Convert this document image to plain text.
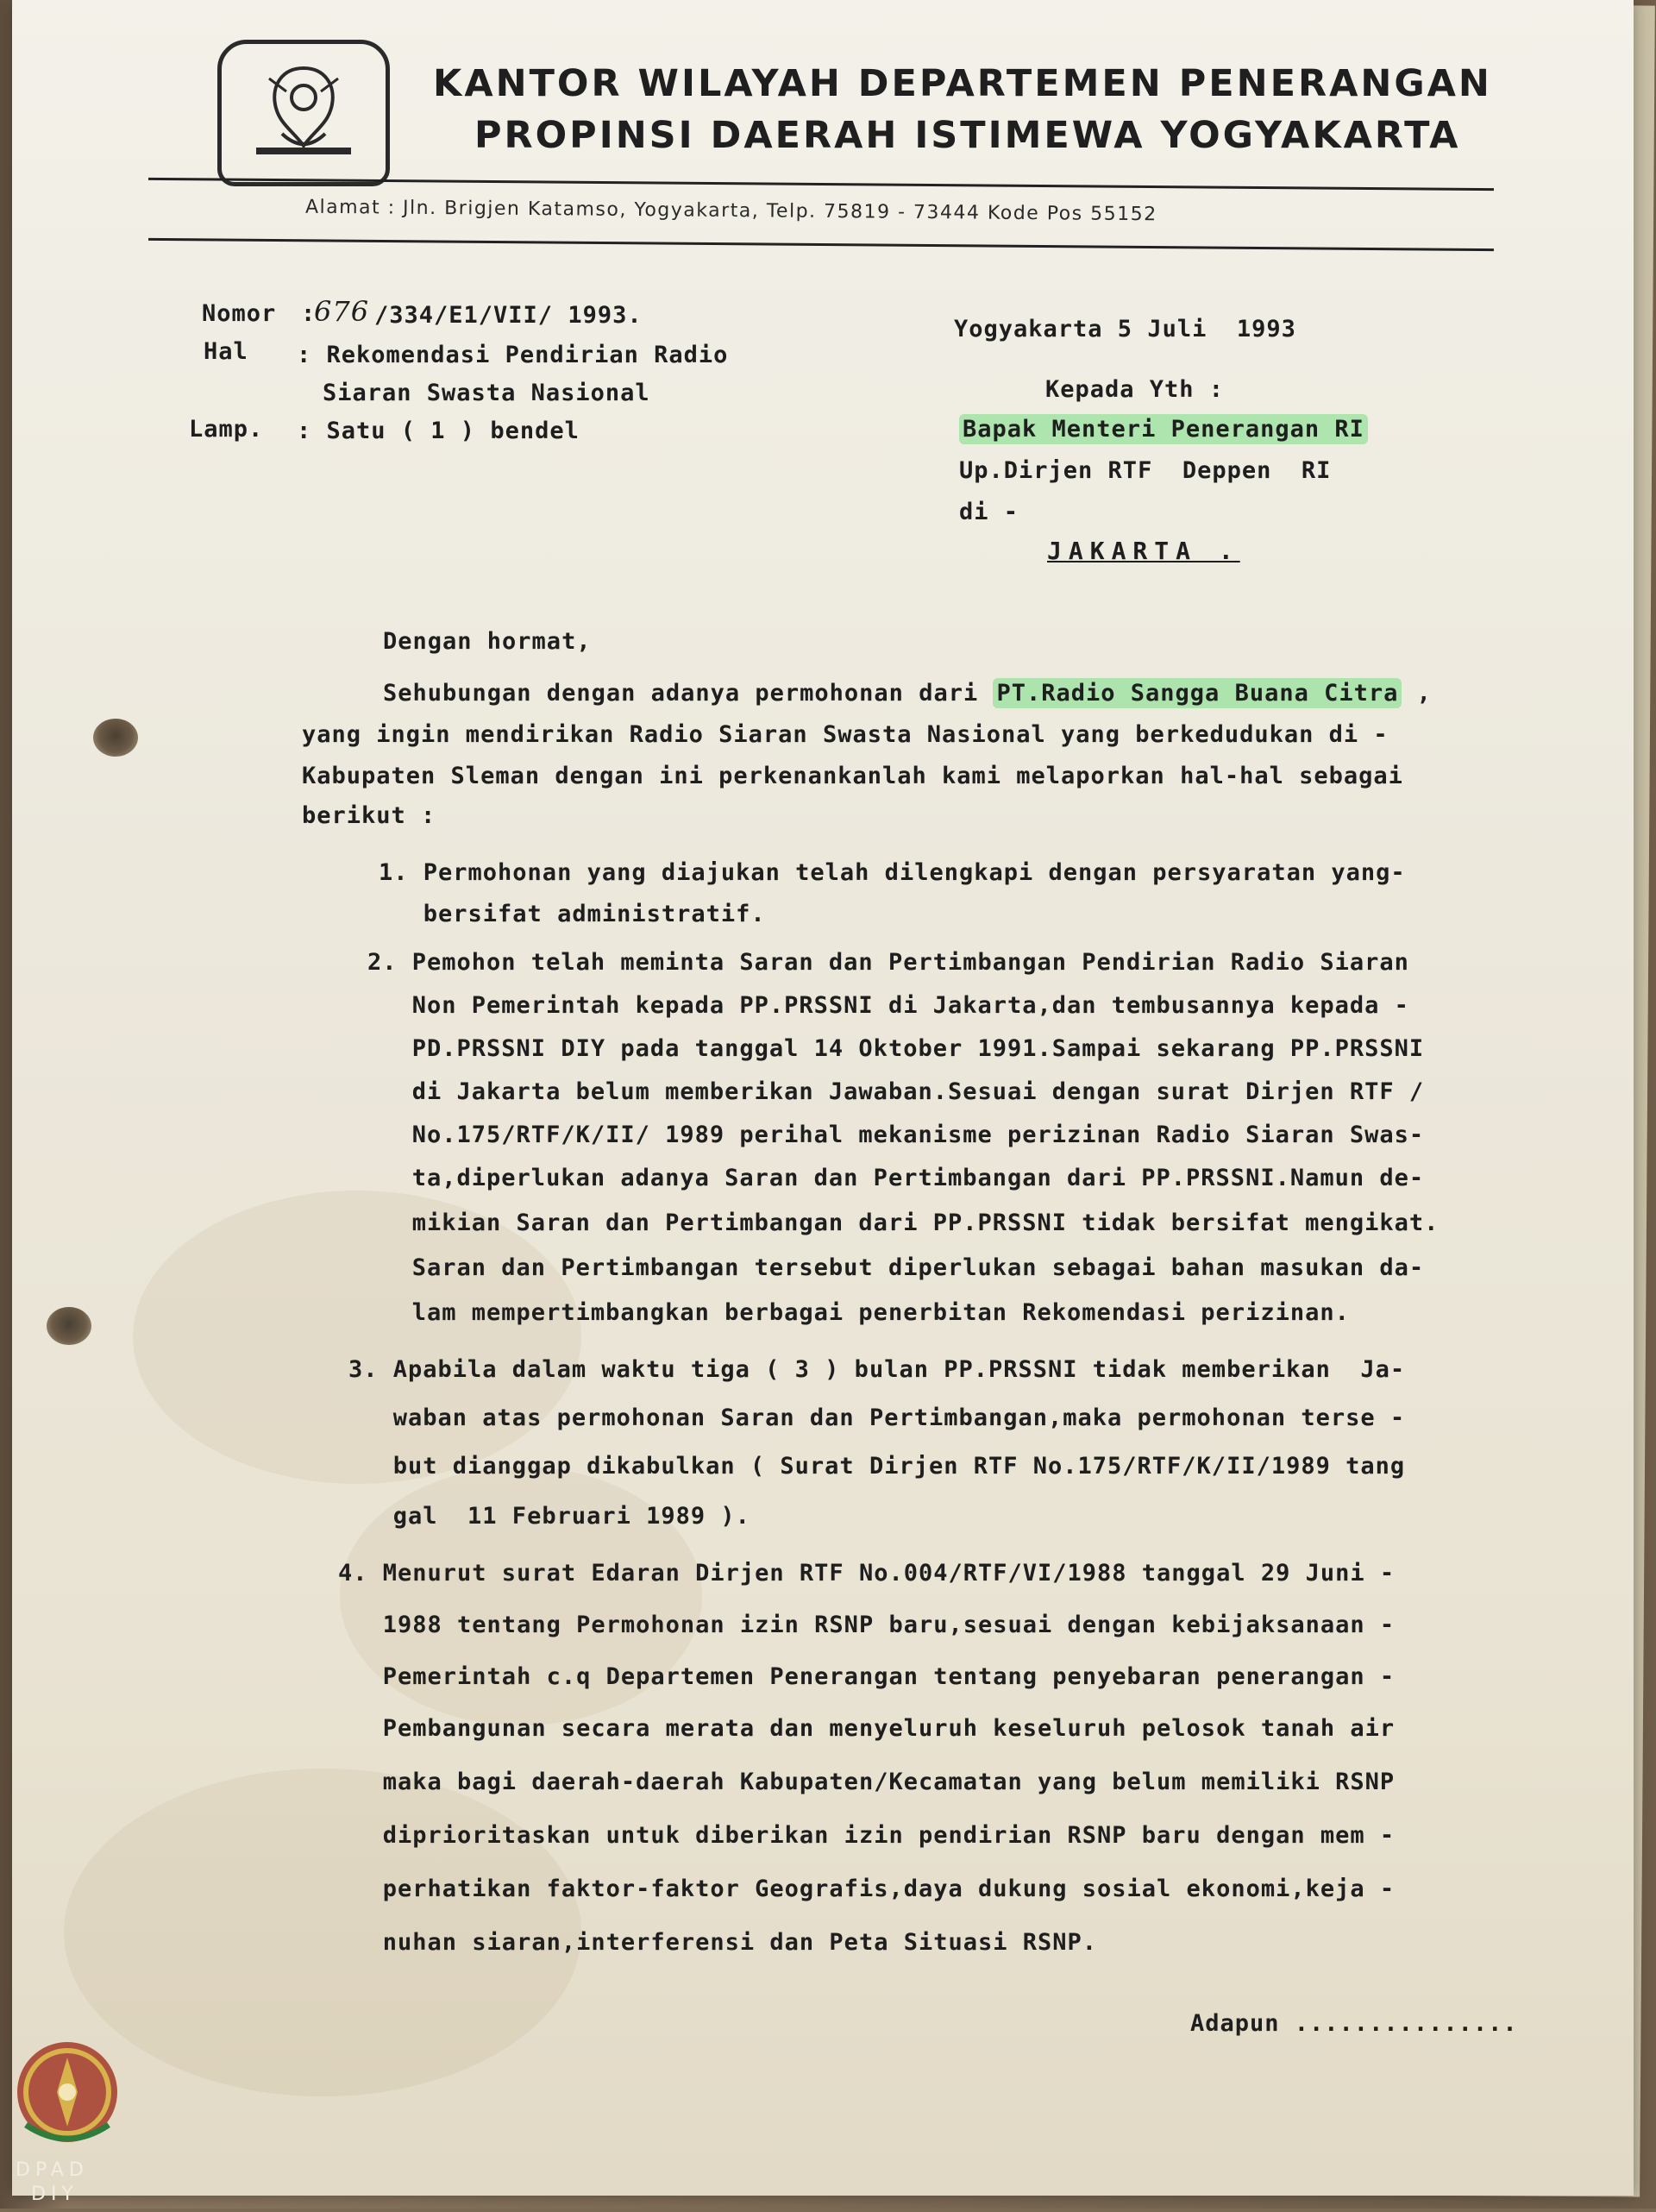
KANTOR WILAYAH DEPARTEMEN PENERANGAN
PROPINSI DAERAH ISTIMEWA YOGYAKARTA
Alamat : Jln. Brigjen Katamso, Yogyakarta, Telp. 75819 - 73444 Kode Pos 55152
Nomor :
676 /334/E1/VII/ 1993.
Hal : Rekomendasi Pendirian Radio
Siaran Swasta Nasional
Lamp. : Satu ( 1 ) bendel
Yogyakarta 5 Juli  1993
Kepada Yth :
Bapak Menteri Penerangan RI
Up.Dirjen RTF  Deppen  RI
di -
JAKARTA .
Dengan hormat,
Sehubungan dengan adanya permohonan dari PT.Radio Sangga Buana Citra ,
yang ingin mendirikan Radio Siaran Swasta Nasional yang berkedudukan di -
Kabupaten Sleman dengan ini perkenankanlah kami melaporkan hal-hal sebagai
berikut :
1. Permohonan yang diajukan telah dilengkapi dengan persyaratan yang-
bersifat administratif.
2. Pemohon telah meminta Saran dan Pertimbangan Pendirian Radio Siaran
Non Pemerintah kepada PP.PRSSNI di Jakarta,dan tembusannya kepada -
PD.PRSSNI DIY pada tanggal 14 Oktober 1991.Sampai sekarang PP.PRSSNI
di Jakarta belum memberikan Jawaban.Sesuai dengan surat Dirjen RTF /
No.175/RTF/K/II/ 1989 perihal mekanisme perizinan Radio Siaran Swas-
ta,diperlukan adanya Saran dan Pertimbangan dari PP.PRSSNI.Namun de-
mikian Saran dan Pertimbangan dari PP.PRSSNI tidak bersifat mengikat.
Saran dan Pertimbangan tersebut diperlukan sebagai bahan masukan da-
lam mempertimbangkan berbagai penerbitan Rekomendasi perizinan.
3. Apabila dalam waktu tiga ( 3 ) bulan PP.PRSSNI tidak memberikan  Ja-
waban atas permohonan Saran dan Pertimbangan,maka permohonan terse -
but dianggap dikabulkan ( Surat Dirjen RTF No.175/RTF/K/II/1989 tang
gal  11 Februari 1989 ).
4. Menurut surat Edaran Dirjen RTF No.004/RTF/VI/1988 tanggal 29 Juni -
1988 tentang Permohonan izin RSNP baru,sesuai dengan kebijaksanaan -
Pemerintah c.q Departemen Penerangan tentang penyebaran penerangan -
Pembangunan secara merata dan menyeluruh keseluruh pelosok tanah air
maka bagi daerah-daerah Kabupaten/Kecamatan yang belum memiliki RSNP
diprioritaskan untuk diberikan izin pendirian RSNP baru dengan mem -
perhatikan faktor-faktor Geografis,daya dukung sosial ekonomi,keja -
nuhan siaran,interferensi dan Peta Situasi RSNP.
Adapun ...............
DPAD
DIY
